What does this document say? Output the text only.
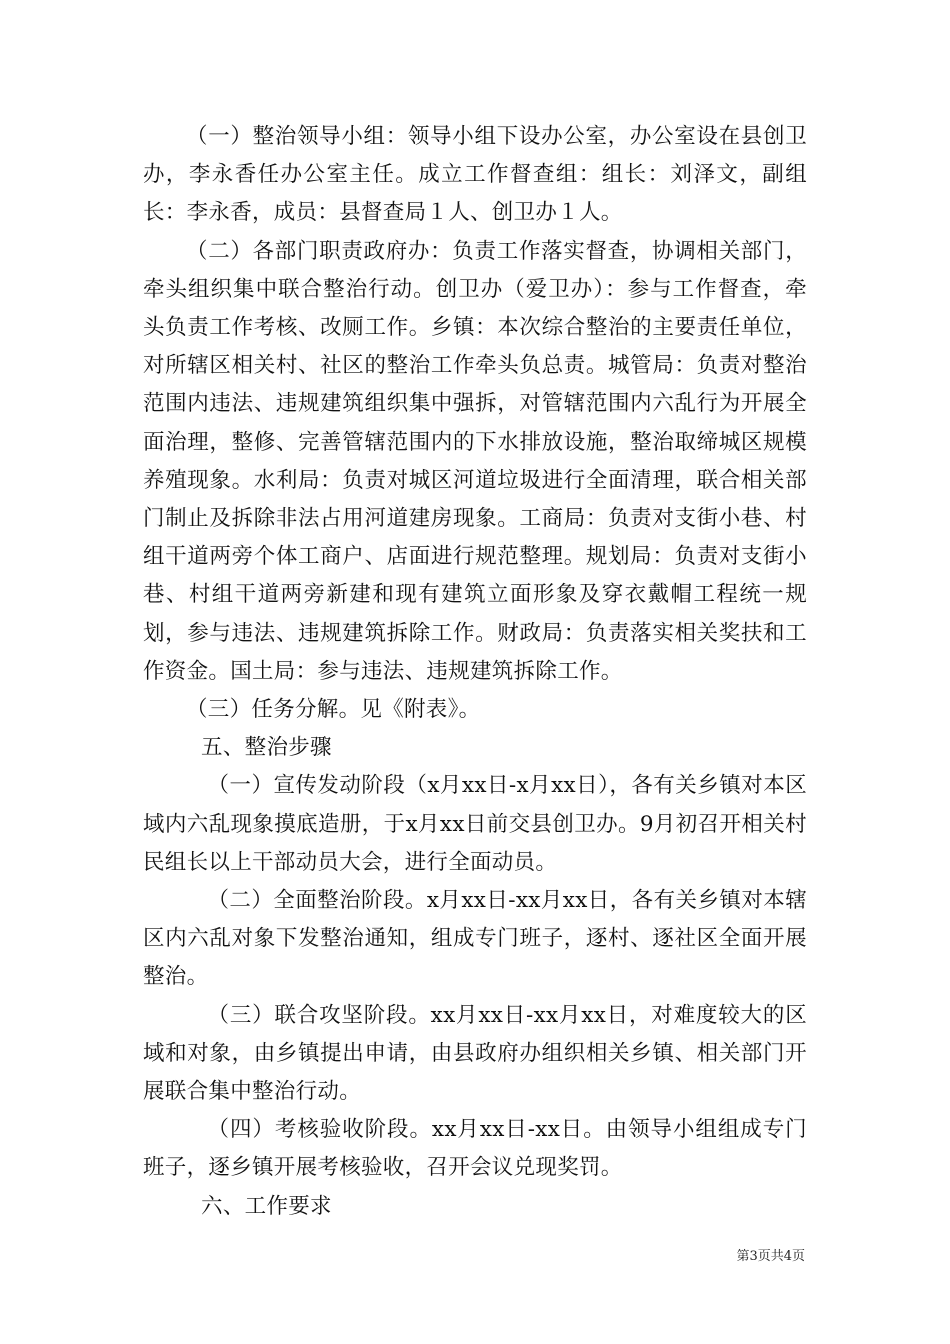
（一）整治领导小组：领导小组下设办公室，办公室设在县创卫办，李永香任办公室主任。成立工作督查组：组长：刘泽文，副组长：李永香，成员：县督查局１人、创卫办１人。

（二）各部门职责政府办：负责工作落实督查，协调相关部门，牵头组织集中联合整治行动。创卫办（爱卫办）：参与工作督查，牵头负责工作考核、改厕工作。乡镇：本次综合整治的主要责任单位，对所辖区相关村、社区的整治工作牵头负总责。城管局：负责对整治范围内违法、违规建筑组织集中强拆，对管辖范围内六乱行为开展全面治理，整修、完善管辖范围内的下水排放设施，整治取缔城区规模养殖现象。水利局：负责对城区河道垃圾进行全面清理，联合相关部门制止及拆除非法占用河道建房现象。工商局：负责对支街小巷、村组干道两旁个体工商户、店面进行规范整理。规划局：负责对支街小巷、村组干道两旁新建和现有建筑立面形象及穿衣戴帽工程统一规划，参与违法、违规建筑拆除工作。财政局：负责落实相关奖扶和工作资金。国土局：参与违法、违规建筑拆除工作。

（三）任务分解。见《附表》。

五、整治步骤

（一）宣传发动阶段（x月xx日-x月xx日），各有关乡镇对本区域内六乱现象摸底造册，于x月xx日前交县创卫办。9月初召开相关村民组长以上干部动员大会，进行全面动员。

（二）全面整治阶段。x月xx日-xx月xx日，各有关乡镇对本辖区内六乱对象下发整治通知，组成专门班子，逐村、逐社区全面开展整治。

（三）联合攻坚阶段。xx月xx日-xx月xx日，对难度较大的区域和对象，由乡镇提出申请，由县政府办组织相关乡镇、相关部门开展联合集中整治行动。

（四）考核验收阶段。xx月xx日-xx日。由领导小组组成专门班子，逐乡镇开展考核验收，召开会议兑现奖罚。

六、工作要求

第3页共4页
